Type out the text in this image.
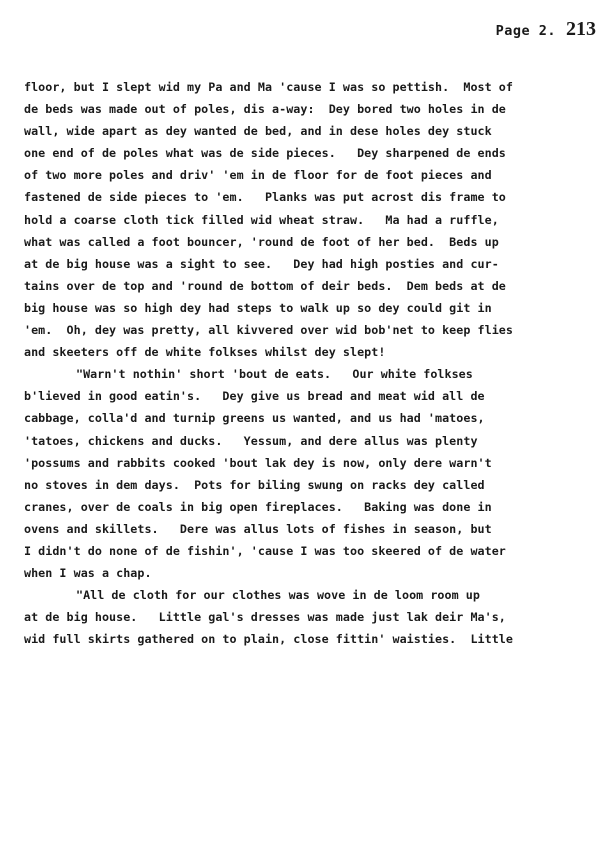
Page 2. 213
floor, but I slept wid my Pa and Ma 'cause I was so pettish.  Most of
de beds was made out of poles, dis a-way:  Dey bored two holes in de
wall, wide apart as dey wanted de bed, and in dese holes dey stuck
one end of de poles what was de side pieces.   Dey sharpened de ends
of two more poles and driv' 'em in de floor for de foot pieces and
fastened de side pieces to 'em.   Planks was put acrost dis frame to
hold a coarse cloth tick filled wid wheat straw.   Ma had a ruffle,
what was called a foot bouncer, 'round de foot of her bed.  Beds up
at de big house was a sight to see.   Dey had high posties and cur-
tains over de top and 'round de bottom of deir beds.  Dem beds at de
big house was so high dey had steps to walk up so dey could git in
'em.  Oh, dey was pretty, all kivvered over wid bob'net to keep flies
and skeeters off de white folkses whilst dey slept!
"Warn't nothin' short 'bout de eats.   Our white folkses
b'lieved in good eatin's.   Dey give us bread and meat wid all de
cabbage, colla'd and turnip greens us wanted, and us had 'matoes,
'tatoes, chickens and ducks.   Yessum, and dere allus was plenty
'possums and rabbits cooked 'bout lak dey is now, only dere warn't
no stoves in dem days.  Pots for biling swung on racks dey called
cranes, over de coals in big open fireplaces.   Baking was done in
ovens and skillets.   Dere was allus lots of fishes in season, but
I didn't do none of de fishin', 'cause I was too skeered of de water
when I was a chap.
"All de cloth for our clothes was wove in de loom room up
at de big house.   Little gal's dresses was made just lak deir Ma's,
wid full skirts gathered on to plain, close fittin' waisties.  Little
